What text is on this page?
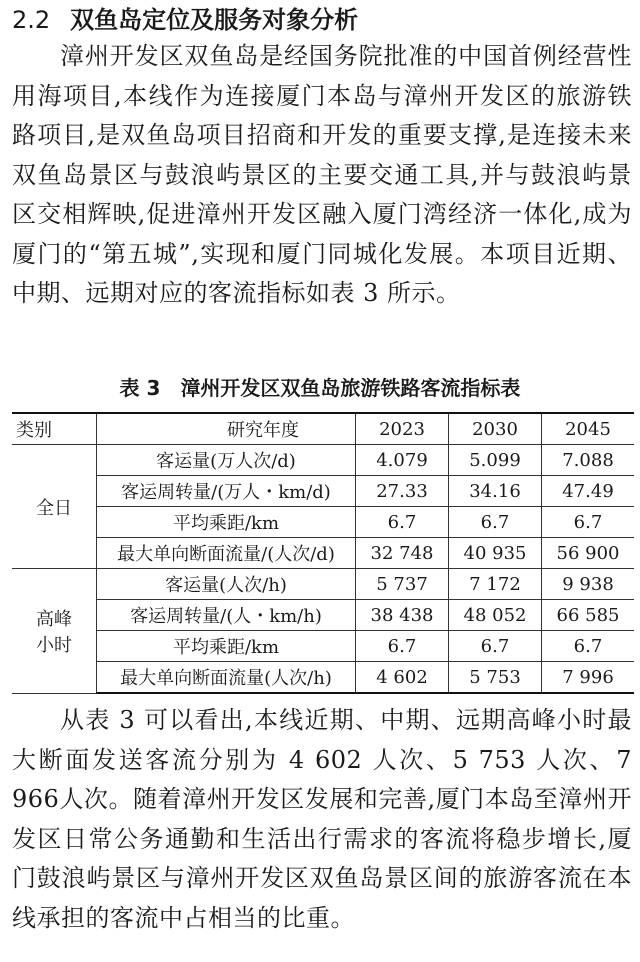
2.2 双鱼岛定位及服务对象分析

漳州开发区双鱼岛是经国务院批准的中国首例经营性用海项目,本线作为连接厦门本岛与漳州开发区的旅游铁路项目,是双鱼岛项目招商和开发的重要支撑,是连接未来双鱼岛景区与鼓浪屿景区的主要交通工具,并与鼓浪屿景区交相辉映,促进漳州开发区融入厦门湾经济一体化,成为厦门的“第五城”,实现和厦门同城化发展。本项目近期、中期、远期对应的客流指标如表 3 所示。

表 3 漳州开发区双鱼岛旅游铁路客流指标表
类别	研究年度	2023	2030	2045
全日	客运量(万人次/d)	4.079	5.099	7.088
	客运周转量/(万人・km/d)	27.33	34.16	47.49
	平均乘距/km	6.7	6.7	6.7
	最大单向断面流量/(人次/d)	32 748	40 935	56 900
高峰小时	客运量(人次/h)	5 737	7 172	9 938
	客运周转量/(人・km/h)	38 438	48 052	66 585
	平均乘距/km	6.7	6.7	6.7
	最大单向断面流量(人次/h)	4 602	5 753	7 996

从表 3 可以看出,本线近期、中期、远期高峰小时最大断面发送客流分别为 4 602 人次、5 753 人次、7 966人次。随着漳州开发区发展和完善,厦门本岛至漳州开发区日常公务通勤和生活出行需求的客流将稳步增长,厦门鼓浪屿景区与漳州开发区双鱼岛景区间的旅游客流在本线承担的客流中占相当的比重。
